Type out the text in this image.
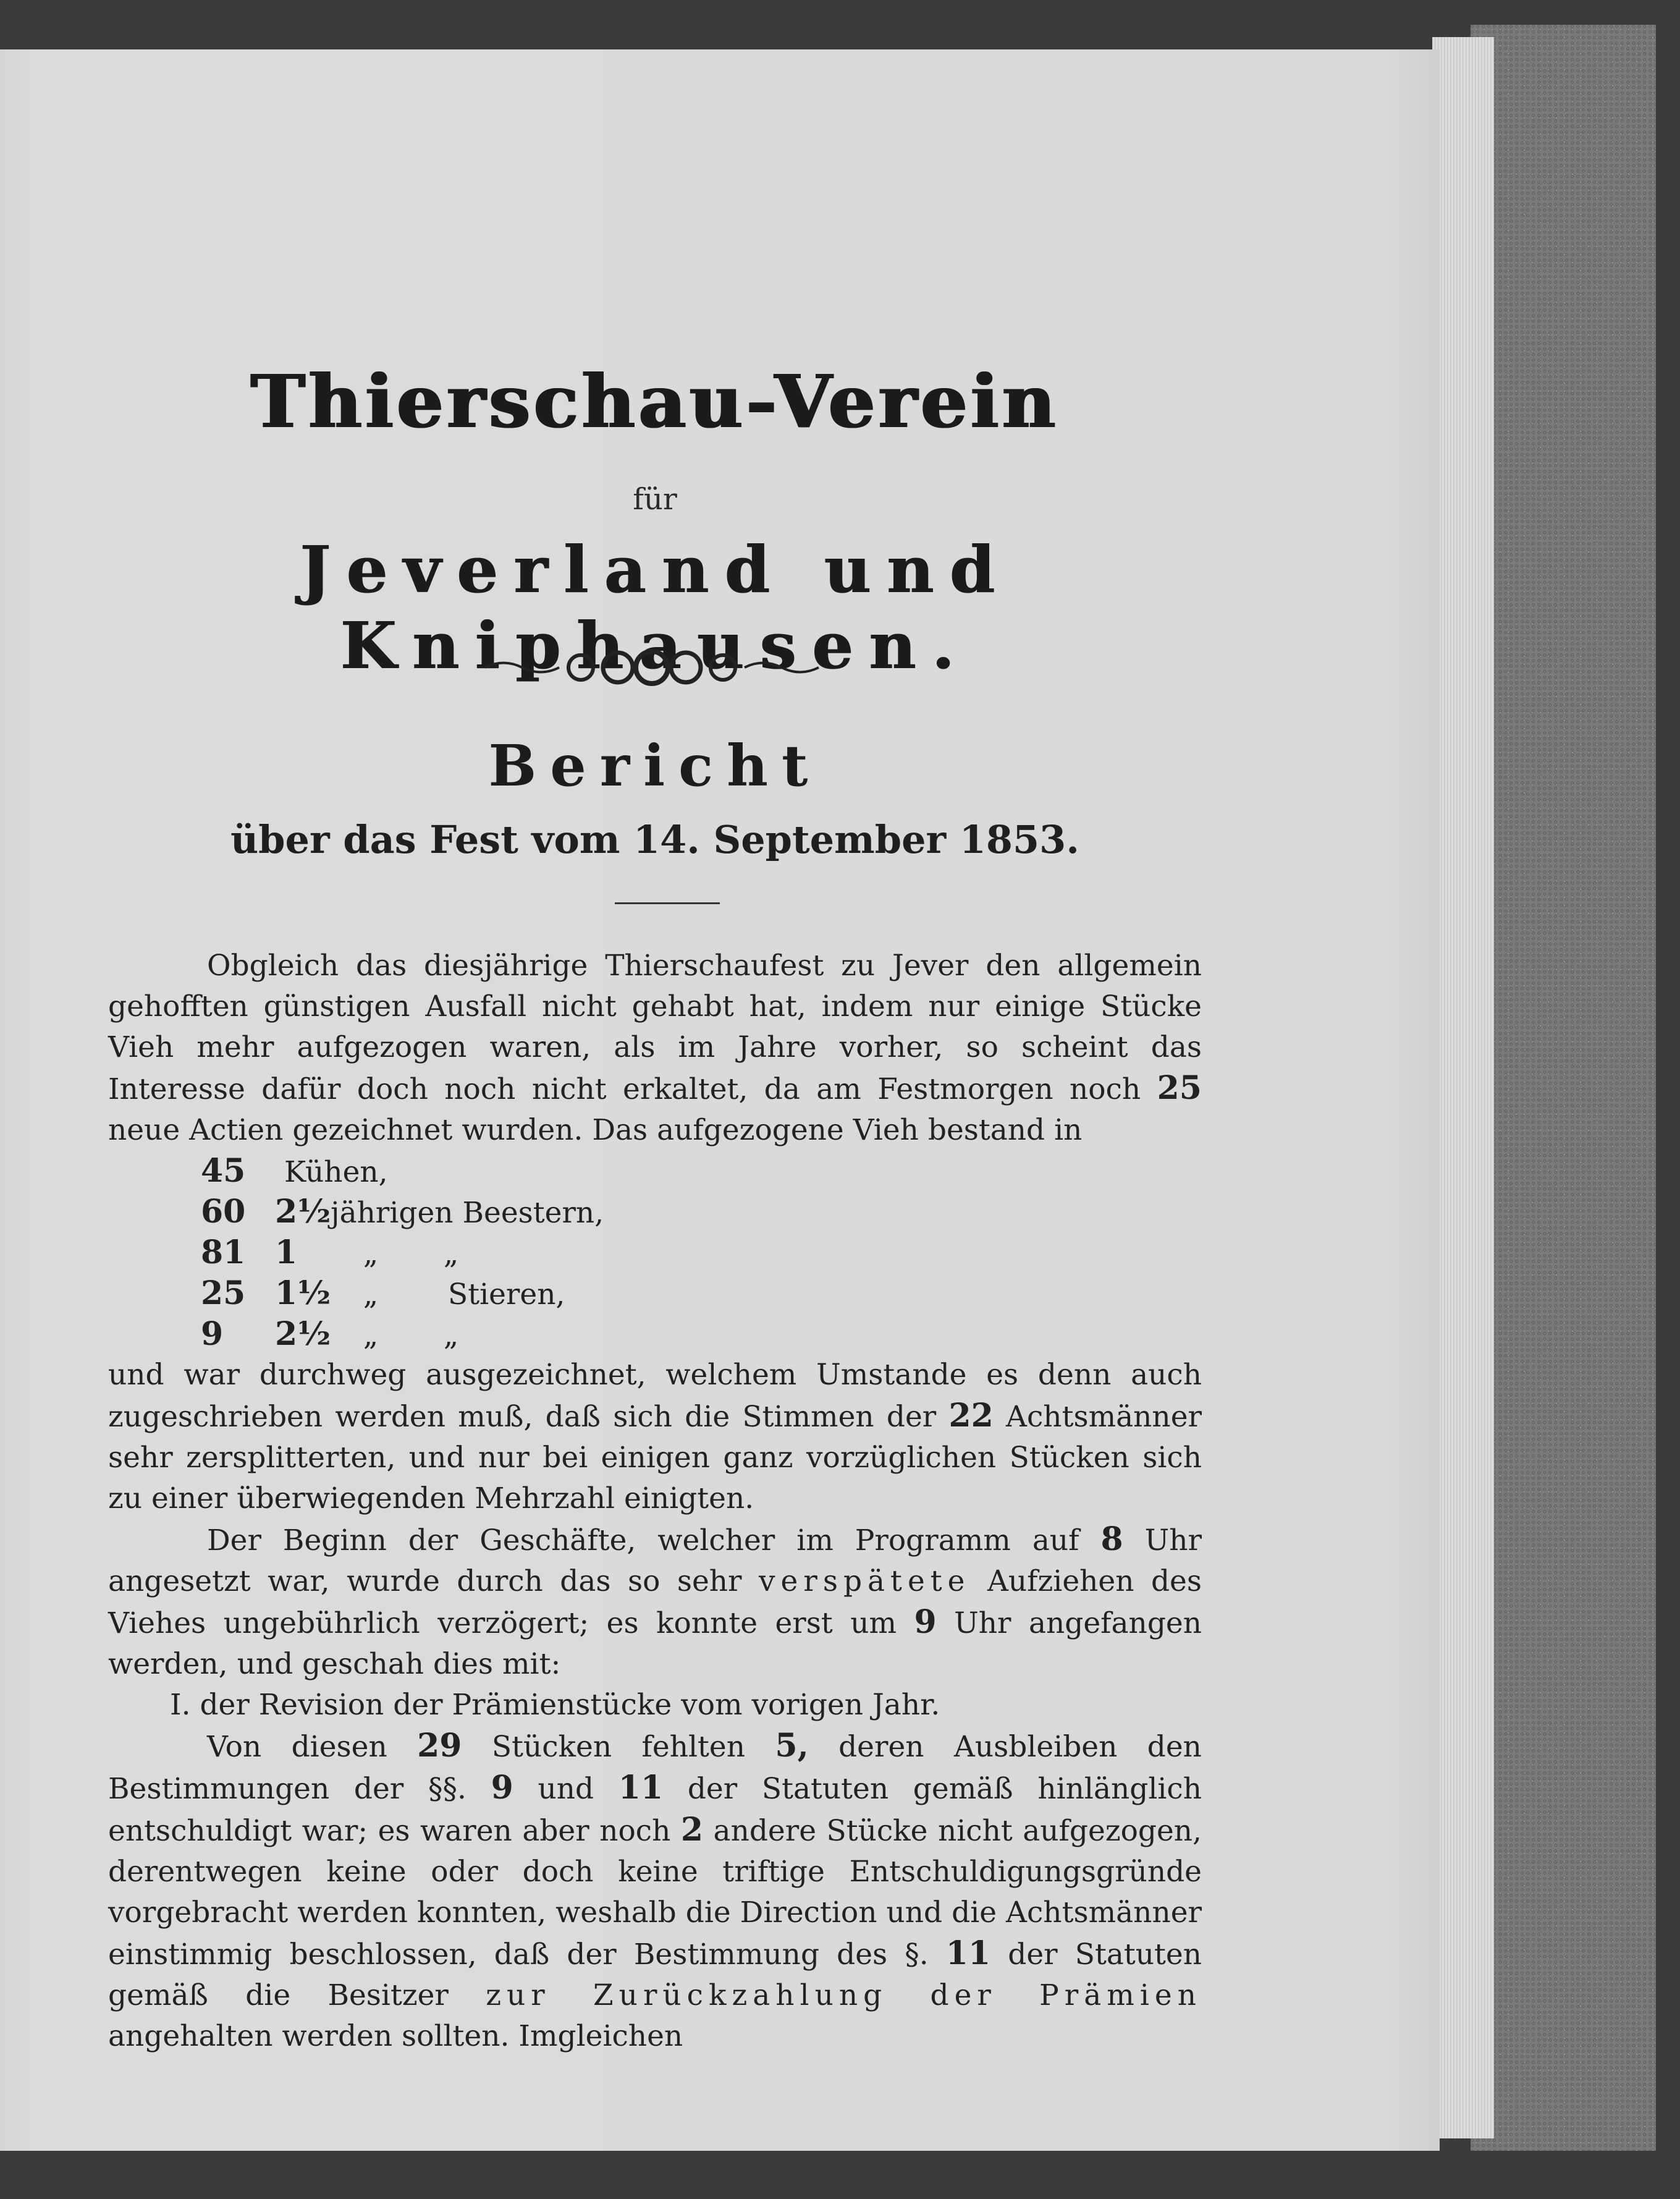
Thierschau-Verein
für
Jeverland und Kniphausen.
Bericht
über das Fest vom 14. September 1853.

Obgleich das diesjährige Thierschaufest zu Jever den allgemein gehofften günstigen Ausfall nicht gehabt hat, indem nur einige Stücke Vieh mehr aufgezogen waren, als im Jahre vorher, so scheint das Interesse dafür doch noch nicht erkaltet, da am Festmorgen noch 25 neue Actien gezeichnet wurden. Das aufgezogene Vieh bestand in

45 Kühen,
60 2½jährigen Beestern,
81 1 „ „
25 1½ „ Stieren,
9 2½ „ „

und war durchweg ausgezeichnet, welchem Umstande es denn auch zugeschrieben werden muß, daß sich die Stimmen der 22 Achtsmänner sehr zersplitterten, und nur bei einigen ganz vorzüglichen Stücken sich zu einer überwiegenden Mehrzahl einigten.

Der Beginn der Geschäfte, welcher im Programm auf 8 Uhr angesetzt war, wurde durch das so sehr verspätete Aufziehen des Viehes ungebührlich verzögert; es konnte erst um 9 Uhr angefangen werden, und geschah dies mit:

I. der Revision der Prämienstücke vom vorigen Jahr.

Von diesen 29 Stücken fehlten 5, deren Ausbleiben den Bestimmungen der §§. 9 und 11 der Statuten gemäß hinlänglich entschuldigt war; es waren aber noch 2 andere Stücke nicht aufgezogen, derentwegen keine oder doch keine triftige Entschuldigungsgründe vorgebracht werden konnten, weshalb die Direction und die Achtsmänner einstimmig beschlossen, daß der Bestimmung des §. 11 der Statuten gemäß die Besitzer zur Zurückzahlung der Prämien angehalten werden sollten. Imgleichen
